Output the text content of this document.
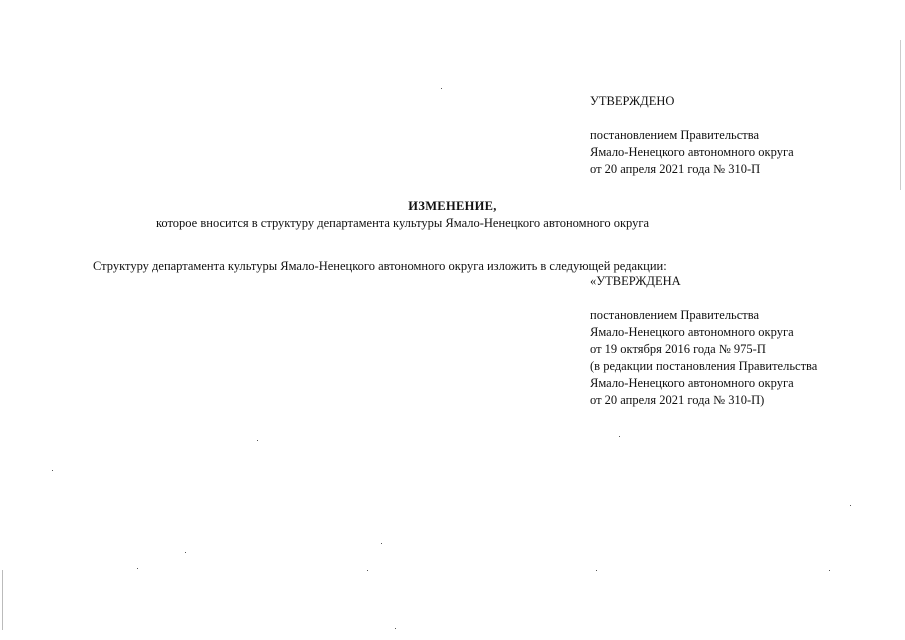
УТВЕРЖДЕНО
постановлением Правительства
Ямало-Ненецкого автономного округа
от 20 апреля 2021 года № 310-П
ИЗМЕНЕНИЕ,
которое вносится в структуру департамента культуры Ямало-Ненецкого автономного округа
Структуру департамента культуры Ямало-Ненецкого автономного округа изложить в следующей редакции:
«УТВЕРЖДЕНА
постановлением Правительства
Ямало-Ненецкого автономного округа
от 19 октября 2016 года № 975-П
(в редакции постановления Правительства
Ямало-Ненецкого автономного округа
от 20 апреля 2021 года № 310-П)
